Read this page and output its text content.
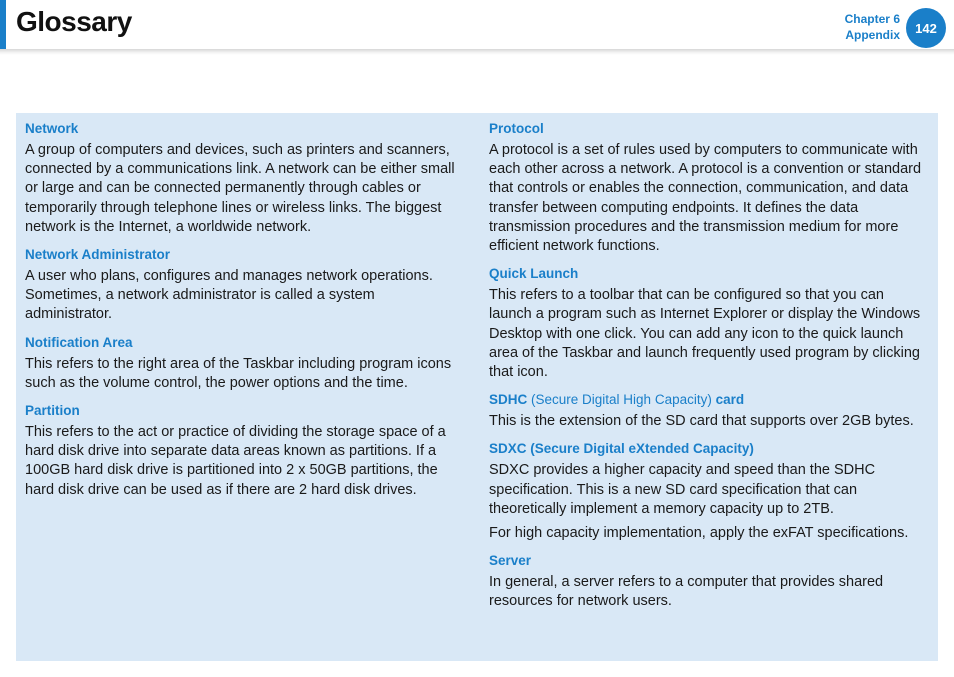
Glossary	Chapter 6
Appendix	142
Network

A group of computers and devices, such as printers and scanners, connected by a communications link. A network can be either small or large and can be connected permanently through cables or temporarily through telephone lines or wireless links. The biggest network is the Internet, a worldwide network.

Network Administrator

A user who plans, configures and manages network operations. Sometimes, a network administrator is called a system administrator.

Notification Area

This refers to the right area of the Taskbar including program icons such as the volume control, the power options and the time.

Partition

This refers to the act or practice of dividing the storage space of a hard disk drive into separate data areas known as partitions. If a 100GB hard disk drive is partitioned into 2 x 50GB partitions, the hard disk drive can be used as if there are 2 hard disk drives.

Protocol

A protocol is a set of rules used by computers to communicate with each other across a network. A protocol is a convention or standard that controls or enables the connection, communication, and data transfer between computing endpoints. It defines the data transmission procedures and the transmission medium for more efficient network functions.

Quick Launch

This refers to a toolbar that can be configured so that you can launch a program such as Internet Explorer or display the Windows Desktop with one click. You can add any icon to the quick launch area of the Taskbar and launch frequently used program by clicking that icon.

SDHC (Secure Digital High Capacity) card

This is the extension of the SD card that supports over 2GB bytes.

SDXC (Secure Digital eXtended Capacity)

SDXC provides a higher capacity and speed than the SDHC specification. This is a new SD card specification that can theoretically implement a memory capacity up to 2TB.

For high capacity implementation, apply the exFAT specifications.

Server

In general, a server refers to a computer that provides shared resources for network users.
